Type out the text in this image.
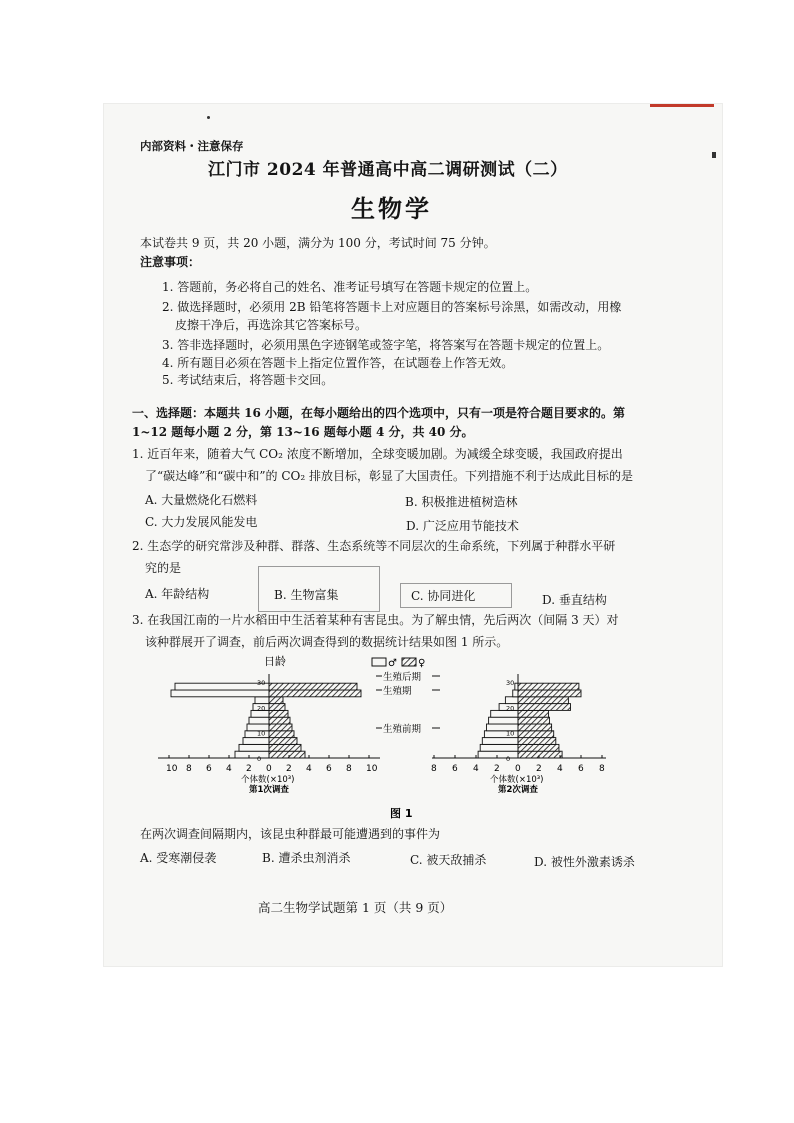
内部资料・注意保存
江门市 2024 年普通高中高二调研测试（二）
生物学
本试卷共 9 页，共 20 小题，满分为 100 分，考试时间 75 分钟。
注意事项：
1. 答题前，务必将自己的姓名、准考证号填写在答题卡规定的位置上。
2. 做选择题时，必须用 2B 铅笔将答题卡上对应题目的答案标号涂黑，如需改动，用橡
皮擦干净后，再选涂其它答案标号。
3. 答非选择题时，必须用黑色字迹钢笔或签字笔，将答案写在答题卡规定的位置上。
4. 所有题目必须在答题卡上指定位置作答，在试题卷上作答无效。
5. 考试结束后，将答题卡交回。
一、选择题：本题共 16 小题，在每小题给出的四个选项中，只有一项是符合题目要求的。第
1~12 题每小题 2 分，第 13~16 题每小题 4 分，共 40 分。
1. 近百年来，随着大气 CO₂ 浓度不断增加，全球变暖加剧。为减缓全球变暖，我国政府提出
了“碳达峰”和“碳中和”的 CO₂ 排放目标，彰显了大国责任。下列措施不利于达成此目标的是
A. 大量燃烧化石燃料	B. 积极推进植树造林
C. 大力发展风能发电	D. 广泛应用节能技术
2. 生态学的研究常涉及种群、群落、生态系统等不同层次的生命系统，下列属于种群水平研
究的是
A. 年龄结构	B. 生物富集	C. 协同进化	D. 垂直结构
3. 在我国江南的一片水稻田中生活着某种有害昆虫。为了解虫情，先后两次（间隔 3 天）对
该种群展开了调查，前后两次调查得到的数据统计结果如图 1 所示。
日龄	♂ ♀
生殖后期
生殖期
生殖前期
30
20
10
0
10 8 6 4 2 0 2 4 6 8 10
个体数(×10³)
第1次调查
30
20
10
0
8 6 4 2 0 2 4 6 8
个体数(×10³)
第2次调查
图 1
在两次调查间隔期内，该昆虫种群最可能遭遇到的事件为
A. 受寒潮侵袭	B. 遭杀虫剂消杀	C. 被天敌捕杀	D. 被性外激素诱杀
高二生物学试题第 1 页（共 9 页）
